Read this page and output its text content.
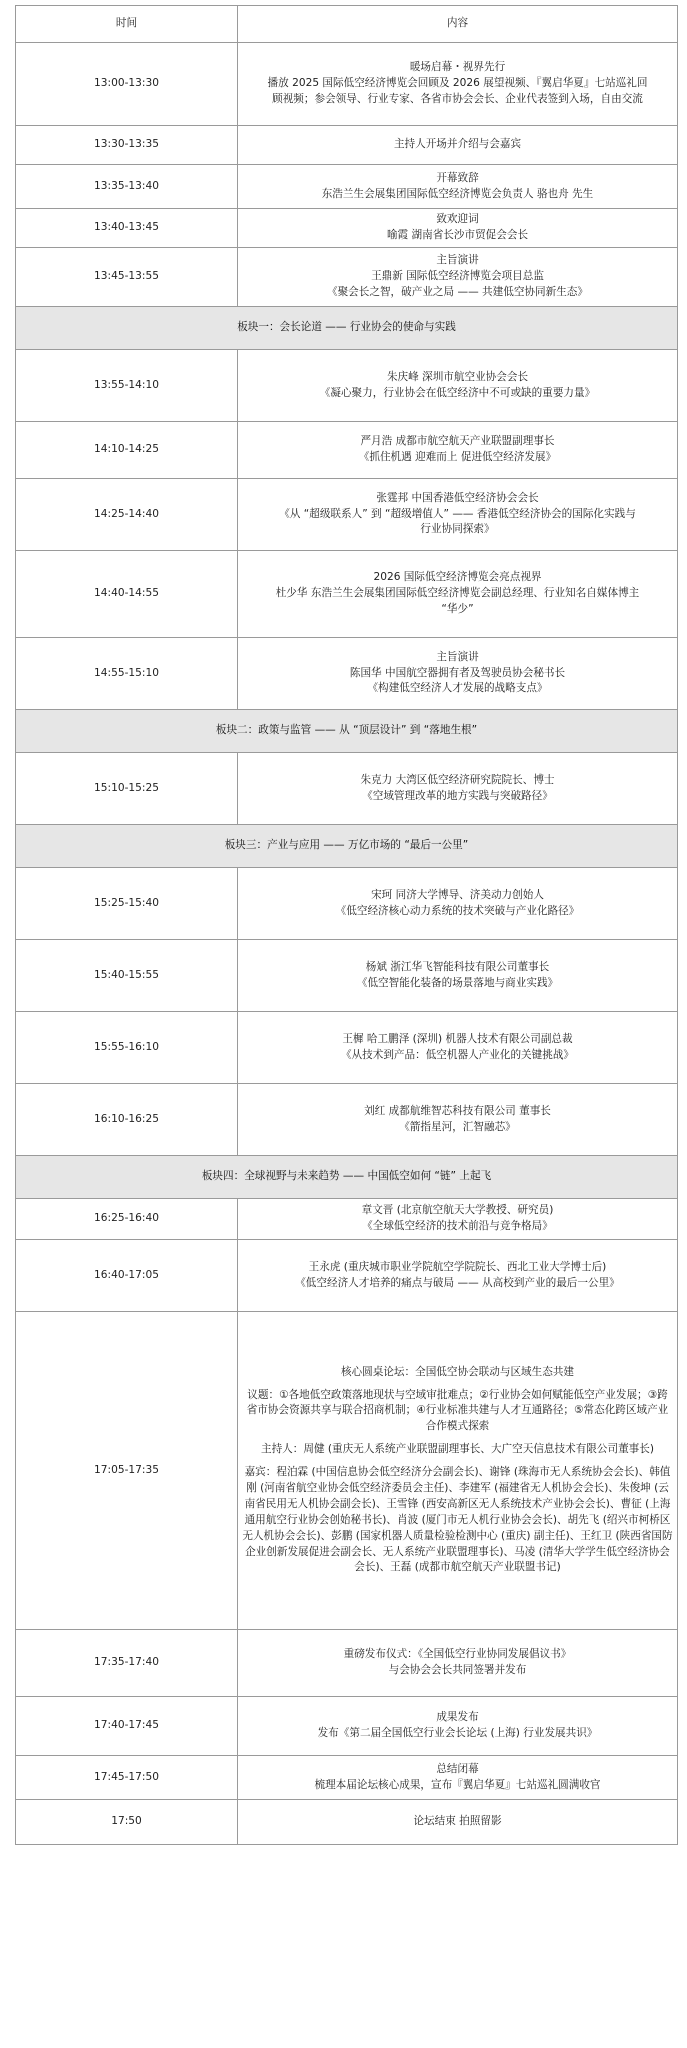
时间	内容
13:00-13:30	暖场启幕・视界先行
播放 2025 国际低空经济博览会回顾及 2026 展望视频、『翼启华夏』七站巡礼回
顾视频；参会领导、行业专家、各省市协会会长、企业代表签到入场，自由交流

13:30-13:35	主持人开场并介绍与会嘉宾

13:35-13:40	开幕致辞
东浩兰生会展集团国际低空经济博览会负责人 骆也舟 先生

13:40-13:45	致欢迎词
喻霞 湖南省长沙市贸促会会长

13:45-13:55	主旨演讲
王鼎新 国际低空经济博览会项目总监
《聚会长之智，破产业之局 —— 共建低空协同新生态》

板块一：会长论道 —— 行业协会的使命与实践	
13:55-14:10	朱庆峰 深圳市航空业协会会长
《凝心聚力，行业协会在低空经济中不可或缺的重要力量》

14:10-14:25	严月浩 成都市航空航天产业联盟副理事长
《抓住机遇 迎难而上 促进低空经济发展》

14:25-14:40	张霆邦 中国香港低空经济协会会长
《从 “超级联系人” 到 “超级增值人” —— 香港低空经济协会的国际化实践与
行业协同探索》

14:40-14:55	2026 国际低空经济博览会亮点视界
杜少华 东浩兰生会展集团国际低空经济博览会副总经理、行业知名自媒体博主
“华少”

14:55-15:10	主旨演讲
陈国华 中国航空器拥有者及驾驶员协会秘书长
《构建低空经济人才发展的战略支点》

板块二：政策与监管 —— 从 “顶层设计” 到 “落地生根”	
15:10-15:25	朱克力 大湾区低空经济研究院院长、博士
《空域管理改革的地方实践与突破路径》

板块三：产业与应用 —— 万亿市场的 “最后一公里”	
15:25-15:40	宋珂 同济大学博导、济美动力创始人
《低空经济核心动力系统的技术突破与产业化路径》

15:40-15:55	杨斌 浙江华飞智能科技有限公司董事长
《低空智能化装备的场景落地与商业实践》

15:55-16:10	王樨 哈工鹏泽 (深圳) 机器人技术有限公司副总裁
《从技术到产品：低空机器人产业化的关键挑战》

16:10-16:25	刘红 成都航维智芯科技有限公司 董事长
《箭指星河，汇智融芯》

板块四：全球视野与未来趋势 —— 中国低空如何 “链” 上起飞	
16:25-16:40	章文晋 (北京航空航天大学教授、研究员)
《全球低空经济的技术前沿与竞争格局》

16:40-17:05	王永虎 (重庆城市职业学院航空学院院长、西北工业大学博士后)
《低空经济人才培养的痛点与破局 —— 从高校到产业的最后一公里》

17:05-17:35	核心圆桌论坛：全国低空协会联动与区域生态共建
议题：①各地低空政策落地现状与空域审批难点；②行业协会如何赋能低空产业发展；③跨省市协会资源共享与联合招商机制；④行业标准共建与人才互通路径；⑤常态化跨区域产业合作模式探索
主持人：周健 (重庆无人系统产业联盟副理事长、大广空天信息技术有限公司董事长)
嘉宾：程泊霖 (中国信息协会低空经济分会副会长)、谢锋 (珠海市无人系统协会会长)、韩值刚 (河南省航空业协会低空经济委员会主任)、李建军 (福建省无人机协会会长)、朱俊坤 (云南省民用无人机协会副会长)、王雪锋 (西安高新区无人系统技术产业协会会长)、曹征 (上海通用航空行业协会创始秘书长)、肖波 (厦门市无人机行业协会会长)、胡先飞 (绍兴市柯桥区无人机协会会长)、彭鹏 (国家机器人质量检验检测中心 (重庆) 副主任)、王红卫 (陕西省国防企业创新发展促进会副会长、无人系统产业联盟理事长)、马凌 (清华大学学生低空经济协会会长)、王磊 (成都市航空航天产业联盟书记)

17:35-17:40	重磅发布仪式：《全国低空行业协同发展倡议书》
与会协会会长共同签署并发布

17:40-17:45	成果发布
发布《第二届全国低空行业会长论坛 (上海) 行业发展共识》

17:45-17:50	总结闭幕
梳理本届论坛核心成果，宣布『翼启华夏』七站巡礼圆满收官

17:50	论坛结束 拍照留影
